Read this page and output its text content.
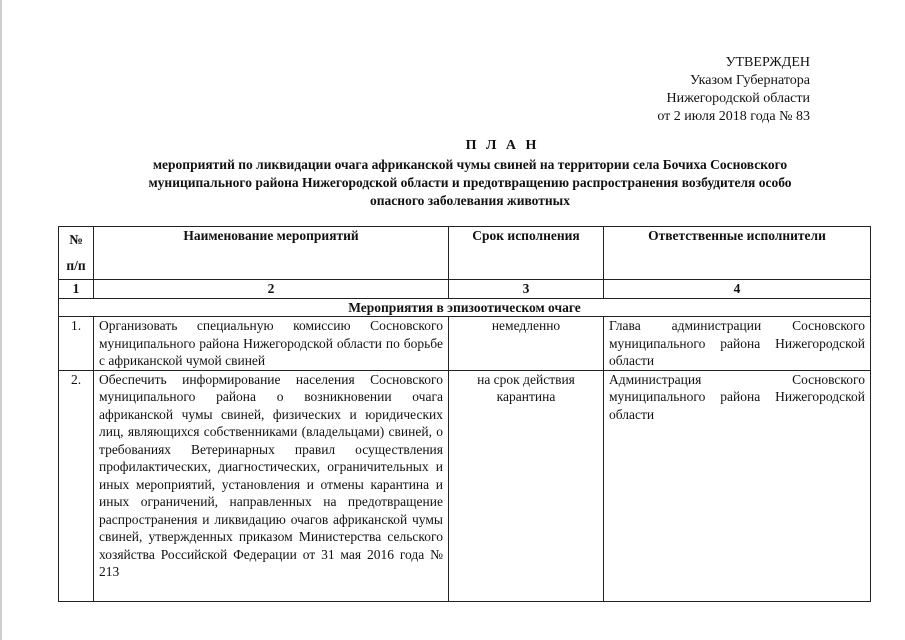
УТВЕРЖДЕН
Указом Губернатора
Нижегородской области
от 2 июля 2018 года № 83
П Л А Н
мероприятий по ликвидации очага африканской чумы свиней на территории села Бочиха Сосновского
муниципального района Нижегородской области и предотвращению распространения возбудителя особо
опасного заболевания животных
№
п/п	Наименование мероприятий	Срок исполнения	Ответственные исполнители
1	2	3	4
Мероприятия в эпизоотическом очаге			
1.	Организовать специальную комиссию Сосновского муниципального района Нижегородской области по борьбе с африканской чумой свиней	немедленно	Глава администрации Сосновского муниципального района Нижегородской области
2.	Обеспечить информирование населения Сосновского муниципального района о возникновении очага африканской чумы свиней, физических и юридических лиц, являющихся собственниками (владельцами) свиней, о требованиях Ветеринарных правил осуществления профилактических, диагностических, ограничительных и иных мероприятий, установления и отмены карантина и иных ограничений, направленных на предотвращение распространения и ликвидацию очагов африканской чумы свиней, утвержденных приказом Министерства сельского хозяйства Российской Федерации от 31 мая 2016 года № 213	на срок действия карантина	Администрация Сосновского муниципального района Нижегородской области
